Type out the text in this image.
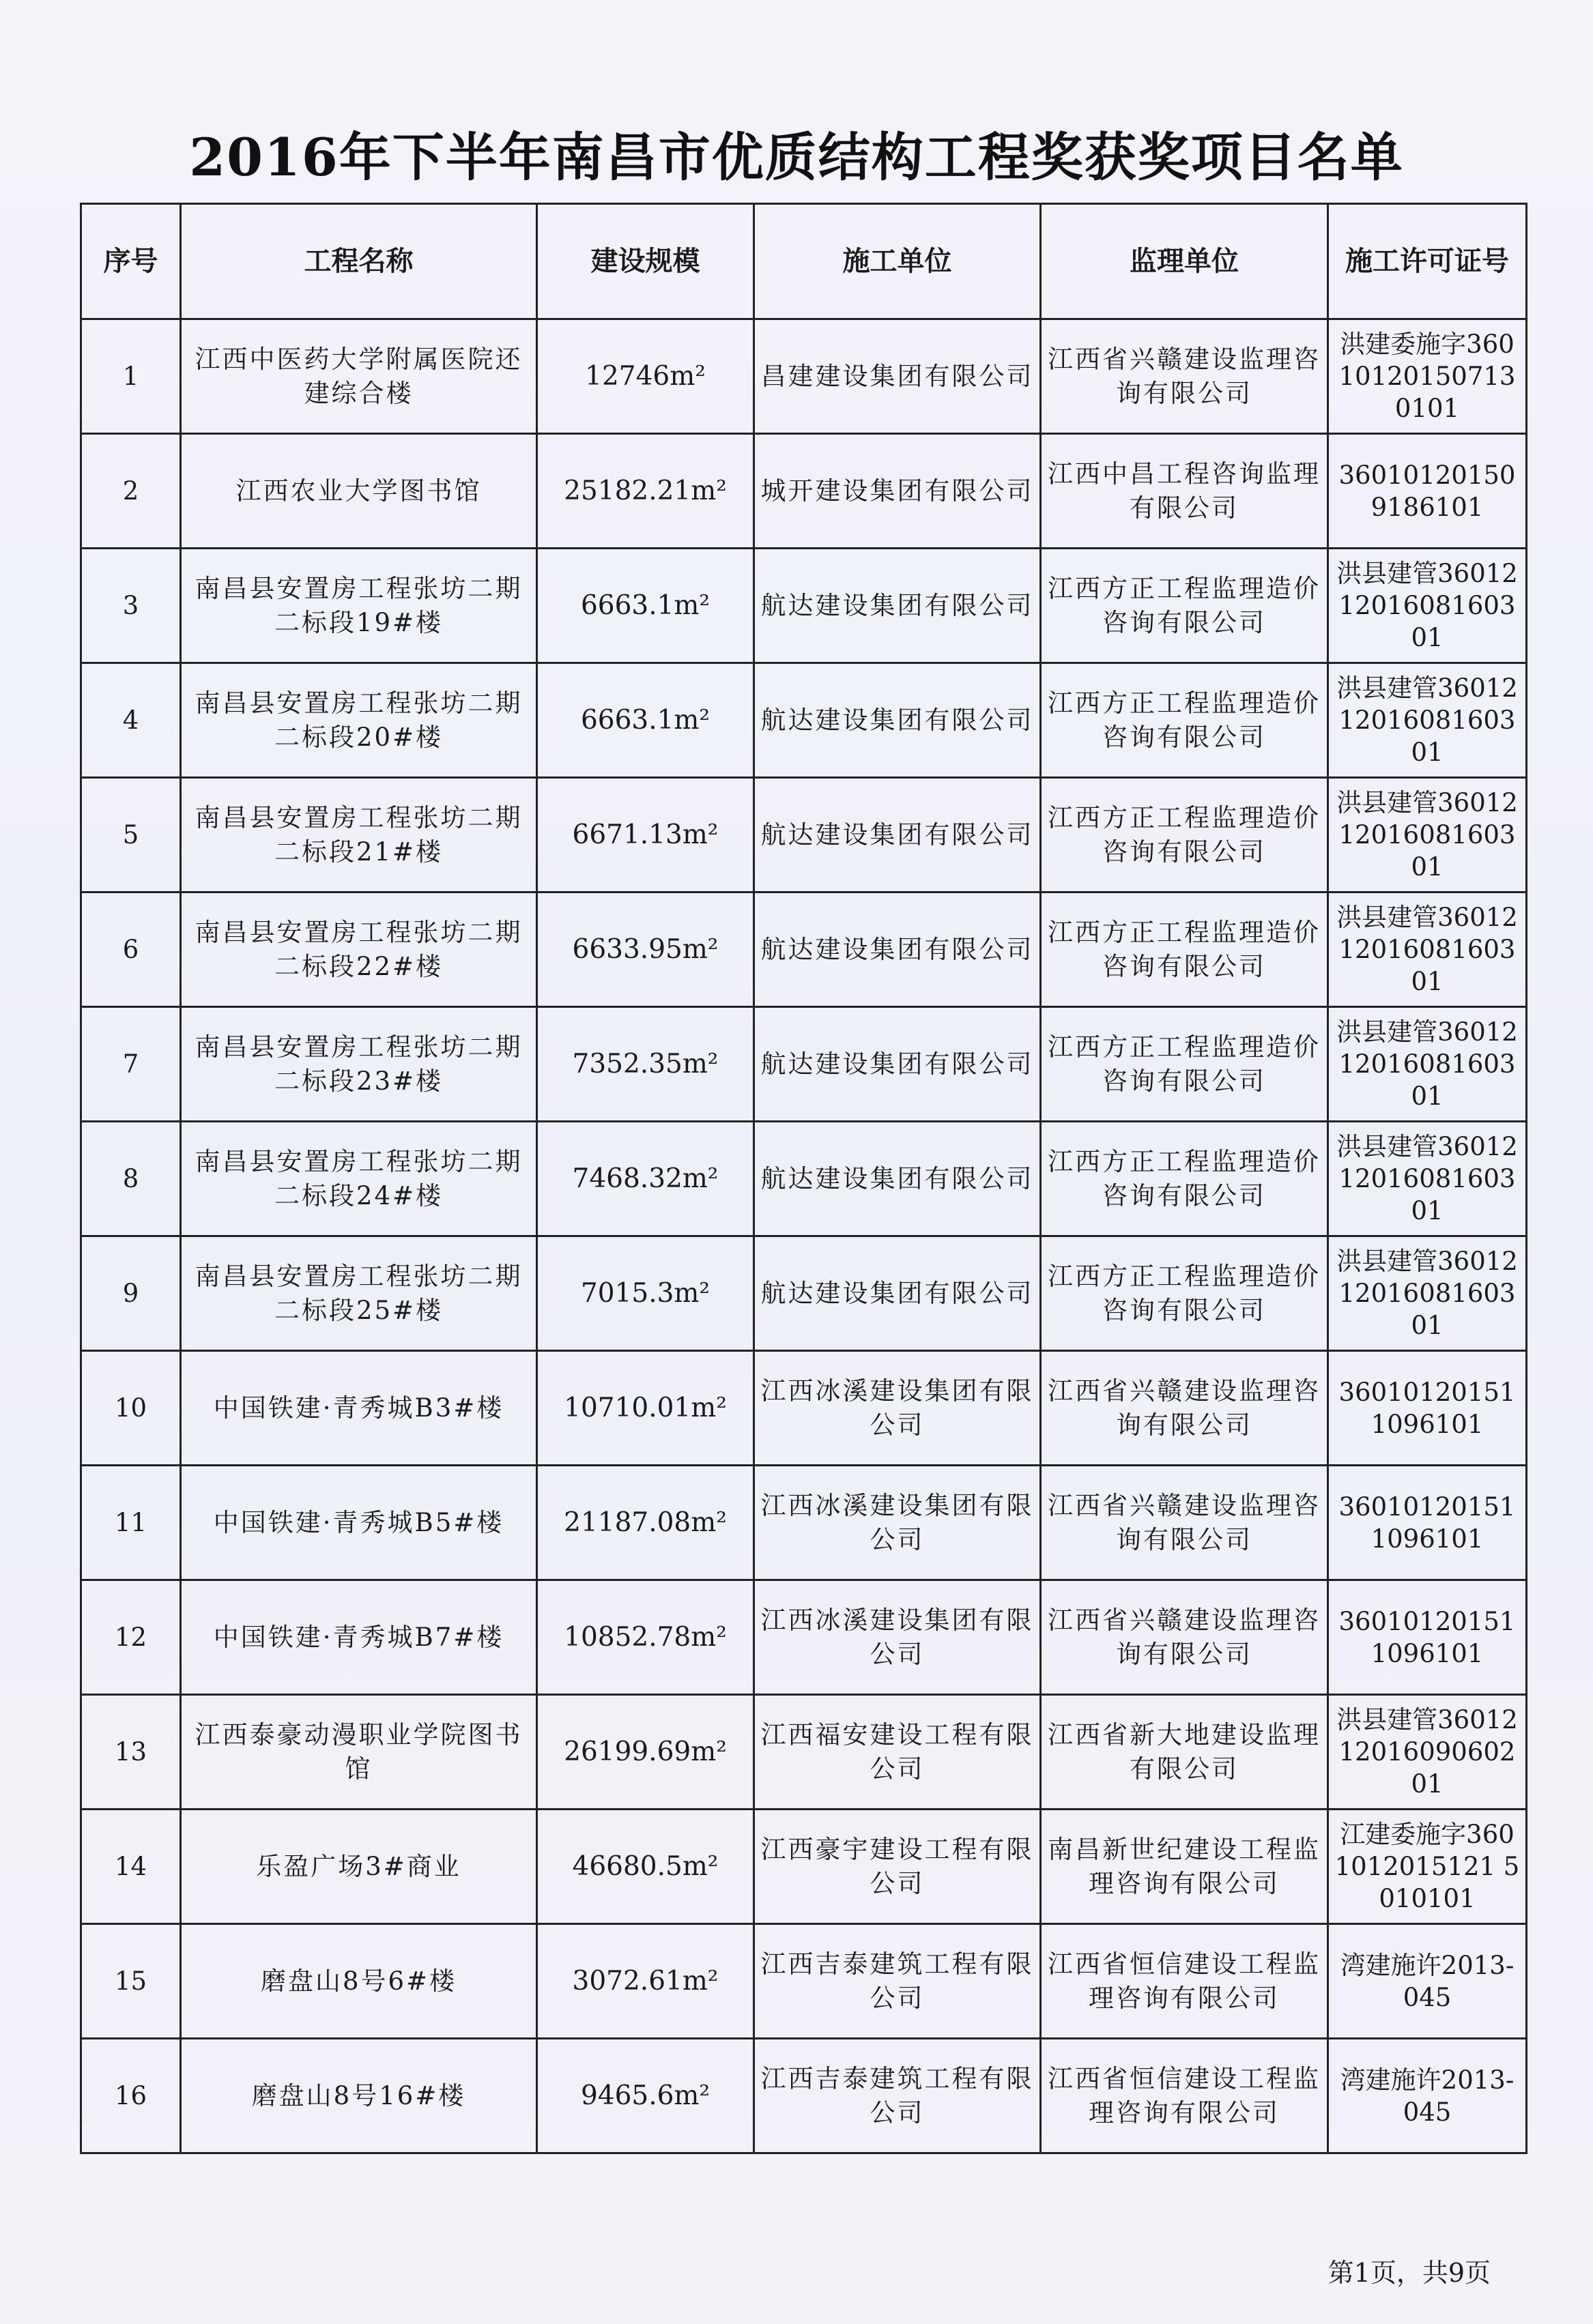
2016年下半年南昌市优质结构工程奖获奖项目名单
序号	工程名称	建设规模	施工单位	监理单位	施工许可证号
1	江西中医药大学附属医院还建综合楼	12746m²	昌建建设集团有限公司	江西省兴赣建设监理咨询有限公司	洪建委施字360101201507130101
2	江西农业大学图书馆	25182.21m²	城开建设集团有限公司	江西中昌工程咨询监理有限公司	360101201509186101
3	南昌县安置房工程张坊二期二标段19#楼	6663.1m²	航达建设集团有限公司	江西方正工程监理造价咨询有限公司	洪县建管360121201608160301
4	南昌县安置房工程张坊二期二标段20#楼	6663.1m²	航达建设集团有限公司	江西方正工程监理造价咨询有限公司	洪县建管360121201608160301
5	南昌县安置房工程张坊二期二标段21#楼	6671.13m²	航达建设集团有限公司	江西方正工程监理造价咨询有限公司	洪县建管360121201608160301
6	南昌县安置房工程张坊二期二标段22#楼	6633.95m²	航达建设集团有限公司	江西方正工程监理造价咨询有限公司	洪县建管360121201608160301
7	南昌县安置房工程张坊二期二标段23#楼	7352.35m²	航达建设集团有限公司	江西方正工程监理造价咨询有限公司	洪县建管360121201608160301
8	南昌县安置房工程张坊二期二标段24#楼	7468.32m²	航达建设集团有限公司	江西方正工程监理造价咨询有限公司	洪县建管360121201608160301
9	南昌县安置房工程张坊二期二标段25#楼	7015.3m²	航达建设集团有限公司	江西方正工程监理造价咨询有限公司	洪县建管360121201608160301
10	中国铁建·青秀城B3#楼	10710.01m²	江西冰溪建设集团有限公司	江西省兴赣建设监理咨询有限公司	360101201511096101
11	中国铁建·青秀城B5#楼	21187.08m²	江西冰溪建设集团有限公司	江西省兴赣建设监理咨询有限公司	360101201511096101
12	中国铁建·青秀城B7#楼	10852.78m²	江西冰溪建设集团有限公司	江西省兴赣建设监理咨询有限公司	360101201511096101
13	江西泰豪动漫职业学院图书馆	26199.69m²	江西福安建设工程有限公司	江西省新大地建设监理有限公司	洪县建管360121201609060201
14	乐盈广场3#商业	46680.5m²	江西豪宇建设工程有限公司	南昌新世纪建设工程监理咨询有限公司	江建委施字3601012015121 5010101
15	磨盘山8号6#楼	3072.61m²	江西吉泰建筑工程有限公司	江西省恒信建设工程监理咨询有限公司	湾建施许2013-045
16	磨盘山8号16#楼	9465.6m²	江西吉泰建筑工程有限公司	江西省恒信建设工程监理咨询有限公司	湾建施许2013-045
第1页，共9页
